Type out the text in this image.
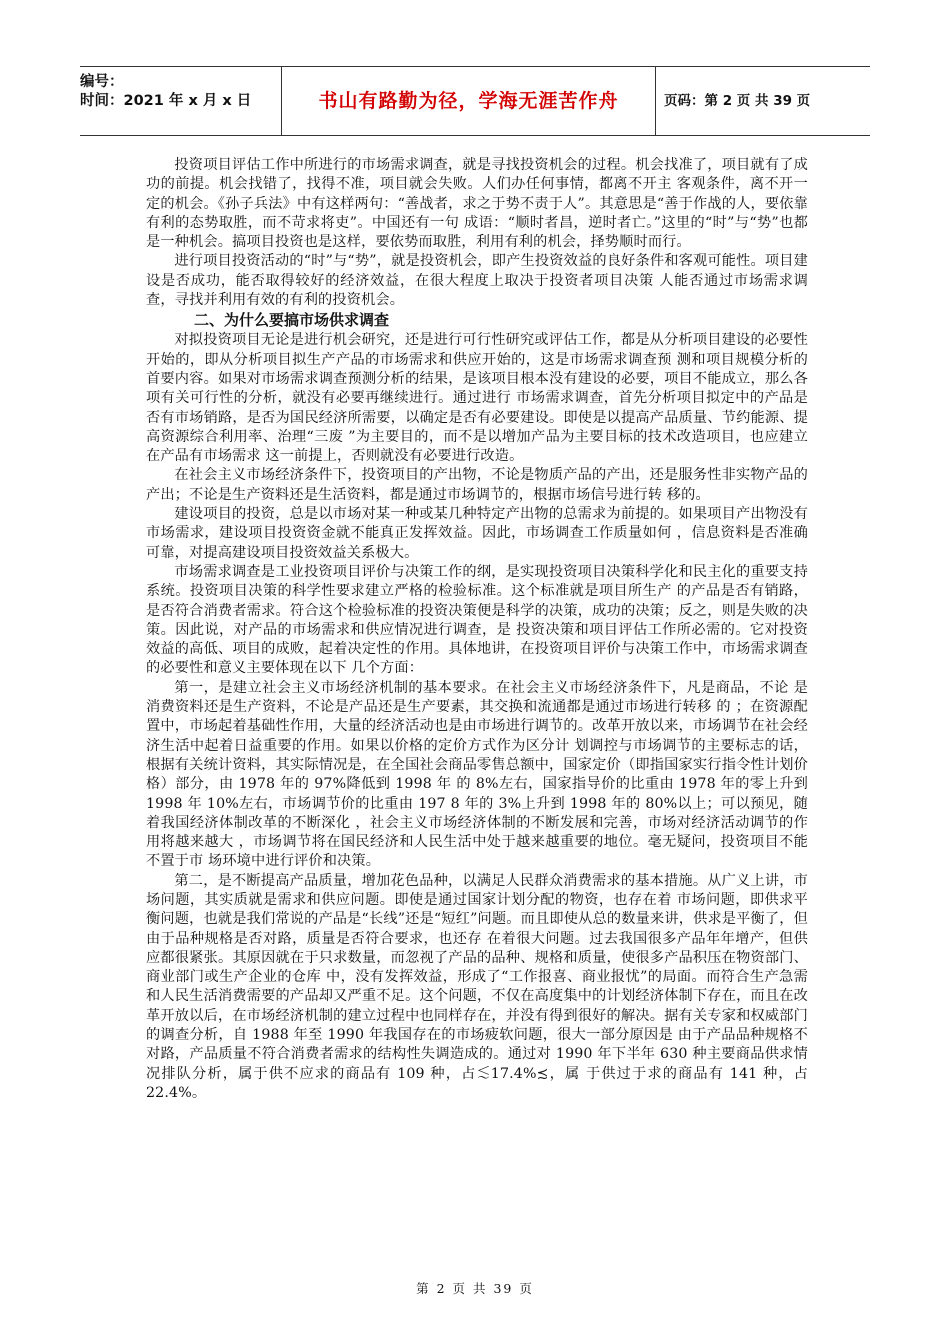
编号：
时间：2021 年 x 月 x 日	书山有路勤为径，学海无涯苦作舟	页码：第 2 页 共 39 页

投资项目评估工作中所进行的市场需求调查，就是寻找投资机会的过程。机会找准了，项目就有了成功的前提。机会找错了，找得不准，项目就会失败。人们办任何事情，都离不开主 客观条件，离不开一定的机会。《孙子兵法》中有这样两句：“善战者，求之于势不责于人”。其意思是“善于作战的人，要依靠有利的态势取胜，而不苛求将吏”。中国还有一句 成语：“顺时者昌，逆时者亡。”这里的“时”与“势”也都是一种机会。搞项目投资也是这样，要依势而取胜，利用有利的机会，择势顺时而行。

进行项目投资活动的“时”与“势”，就是投资机会，即产生投资效益的良好条件和客观可能性。项目建设是否成功，能否取得较好的经济效益，在很大程度上取决于投资者项目决策 人能否通过市场需求调查，寻找并利用有效的有利的投资机会。

二、为什么要搞市场供求调查

对拟投资项目无论是进行机会研究，还是进行可行性研究或评估工作，都是从分析项目建设的必要性开始的，即从分析项目拟生产产品的市场需求和供应开始的，这是市场需求调查预 测和项目规模分析的首要内容。如果对市场需求调查预测分析的结果，是该项目根本没有建设的必要，项目不能成立，那么各项有关可行性的分析，就没有必要再继续进行。通过进行 市场需求调查，首先分析项目拟定中的产品是否有市场销路，是否为国民经济所需要，以确定是否有必要建设。即使是以提高产品质量、节约能源、提高资源综合利用率、治理“三废 ”为主要目的，而不是以增加产品为主要目标的技术改造项目，也应建立在产品有市场需求 这一前提上，否则就没有必要进行改造。

在社会主义市场经济条件下，投资项目的产出物，不论是物质产品的产出，还是服务性非实物产品的产出；不论是生产资料还是生活资料，都是通过市场调节的，根据市场信号进行转 移的。

建设项目的投资，总是以市场对某一种或某几种特定产出物的总需求为前提的。如果项目产出物没有市场需求，建设项目投资资金就不能真正发挥效益。因此，市场调查工作质量如何 ，信息资料是否准确可靠，对提高建设项目投资效益关系极大。

市场需求调查是工业投资项目评价与决策工作的纲，是实现投资项目决策科学化和民主化的重要支持系统。投资项目决策的科学性要求建立严格的检验标准。这个标准就是项目所生产 的产品是否有销路，是否符合消费者需求。符合这个检验标准的投资决策便是科学的决策，成功的决策；反之，则是失败的决策。因此说，对产品的市场需求和供应情况进行调查，是 投资决策和项目评估工作所必需的。它对投资效益的高低、项目的成败，起着决定性的作用。具体地讲，在投资项目评价与决策工作中，市场需求调查的必要性和意义主要体现在以下 几个方面：

第一，是建立社会主义市场经济机制的基本要求。在社会主义市场经济条件下，凡是商品，不论 是消费资料还是生产资料，不论是产品还是生产要素，其交换和流通都是通过市场进行转移 的 ；在资源配置中，市场起着基础性作用，大量的经济活动也是由市场进行调节的。改革开放以来，市场调节在社会经济生活中起着日益重要的作用。如果以价格的定价方式作为区分计 划调控与市场调节的主要标志的话，根据有关统计资料，其实际情况是，在全国社会商品零售总额中，国家定价（即指国家实行指令性计划价格）部分，由 1978 年的 97%降低到 1998 年 的 8%左右，国家指导价的比重由 1978 年的零上升到 1998 年 10%左右，市场调节价的比重由 197 8 年的 3%上升到 1998 年的 80%以上；可以预见，随着我国经济体制改革的不断深化 ，社会主义市场经济体制的不断发展和完善，市场对经济活动调节的作用将越来越大 ，市场调节将在国民经济和人民生活中处于越来越重要的地位。毫无疑问，投资项目不能不置于市 场环境中进行评价和决策。

第二，是不断提高产品质量，增加花色品种，以满足人民群众消费需求的基本措施。从广义上讲，市场问题，其实质就是需求和供应问题。即使是通过国家计划分配的物资，也存在着 市场问题，即供求平衡问题，也就是我们常说的产品是“长线”还是“短红”问题。而且即使从总的数量来讲，供求是平衡了，但由于品种规格是否对路，质量是否符合要求，也还存 在着很大问题。过去我国很多产品年年增产，但供应都很紧张。其原因就在于只求数量，而忽视了产品的品种、规格和质量，使很多产品积压在物资部门、商业部门或生产企业的仓库 中，没有发挥效益，形成了“工作报喜、商业报忧”的局面。而符合生产急需和人民生活消费需要的产品却又严重不足。这个问题，不仅在高度集中的计划经济体制下存在，而且在改 革开放以后，在市场经济机制的建立过程中也同样存在，并没有得到很好的解决。据有关专家和权威部门的调查分析，自 1988 年至 1990 年我国存在的市场疲软问题，很大一部分原因是 由于产品品种规格不对路，产品质量不符合消费者需求的结构性失调造成的。通过对 1990 年下半年 630 种主要商品供求情况排队分析，属于供不应求的商品有 109 种，占≲17.4%≾，属 于供过于求的商品有 141 种，占 22.4%。

第 2 页 共 39 页
